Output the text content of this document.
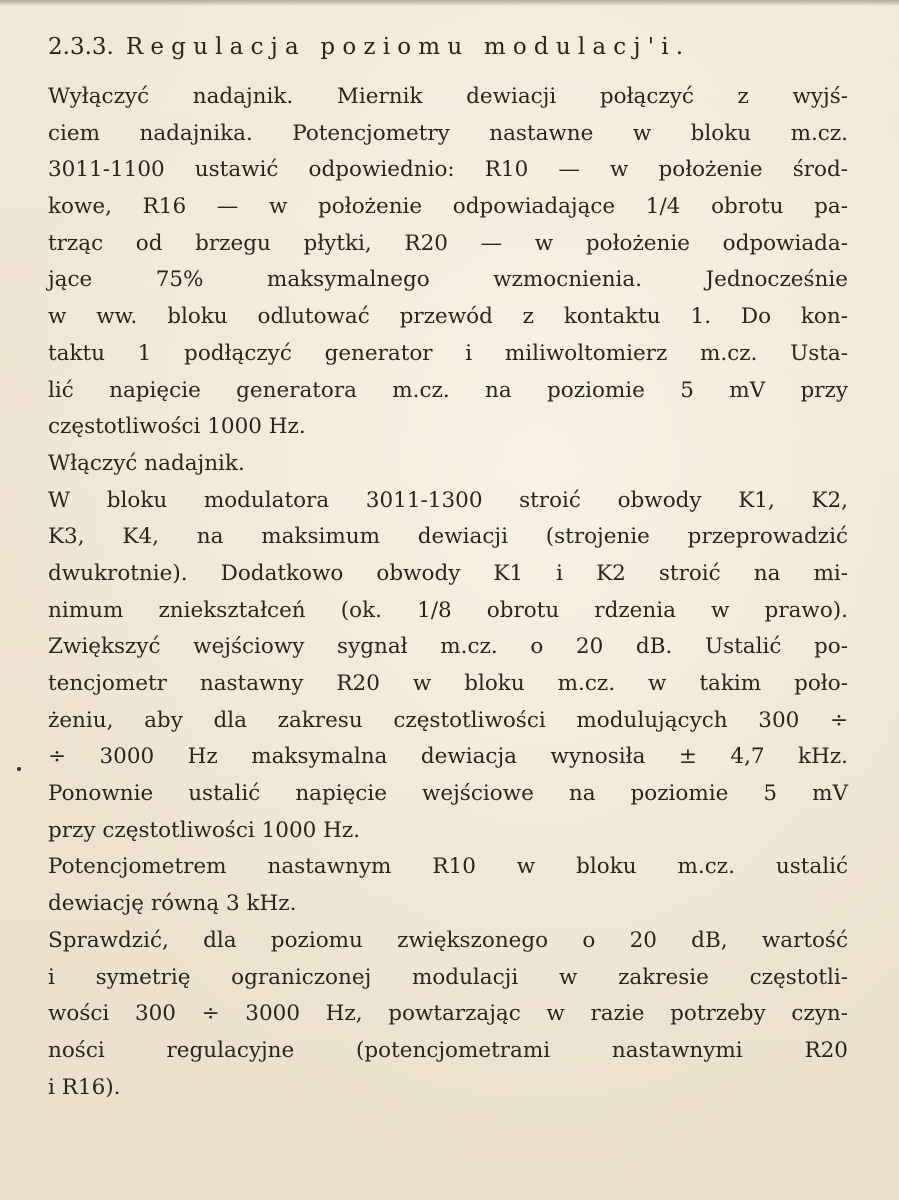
2.3.3. Regulacja poziomu modulacj'i.
Wyłączyć nadajnik. Miernik dewiacji połączyć z wyjś-
ciem nadajnika. Potencjometry nastawne w bloku m.cz.
3011-1100 ustawić odpowiednio: R10 — w położenie środ-
kowe, R16 — w położenie odpowiadające 1/4 obrotu pa-
trząc od brzegu płytki, R20 — w położenie odpowiada-
jące 75% maksymalnego wzmocnienia. Jednocześnie
w ww. bloku odlutować przewód z kontaktu 1. Do kon-
taktu 1 podłączyć generator i miliwoltomierz m.cz. Usta-
lić napięcie generatora m.cz. na poziomie 5 mV przy
częstotliwości 1000 Hz.
Włączyć nadajnik.
W bloku modulatora 3011-1300 stroić obwody K1, K2,
K3, K4, na maksimum dewiacji (strojenie przeprowadzić
dwukrotnie). Dodatkowo obwody K1 i K2 stroić na mi-
nimum zniekształceń (ok. 1/8 obrotu rdzenia w prawo).
Zwiększyć wejściowy sygnał m.cz. o 20 dB. Ustalić po-
tencjometr nastawny R20 w bloku m.cz. w takim poło-
żeniu, aby dla zakresu częstotliwości modulujących 300 ÷
÷ 3000 Hz maksymalna dewiacja wynosiła ± 4,7 kHz.
Ponownie ustalić napięcie wejściowe na poziomie 5 mV
przy częstotliwości 1000 Hz.
Potencjometrem nastawnym R10 w bloku m.cz. ustalić
dewiację równą 3 kHz.
Sprawdzić, dla poziomu zwiększonego o 20 dB, wartość
i symetrię ograniczonej modulacji w zakresie częstotli-
wości 300 ÷ 3000 Hz, powtarzając w razie potrzeby czyn-
ności regulacyjne (potencjometrami nastawnymi R20
i R16).
